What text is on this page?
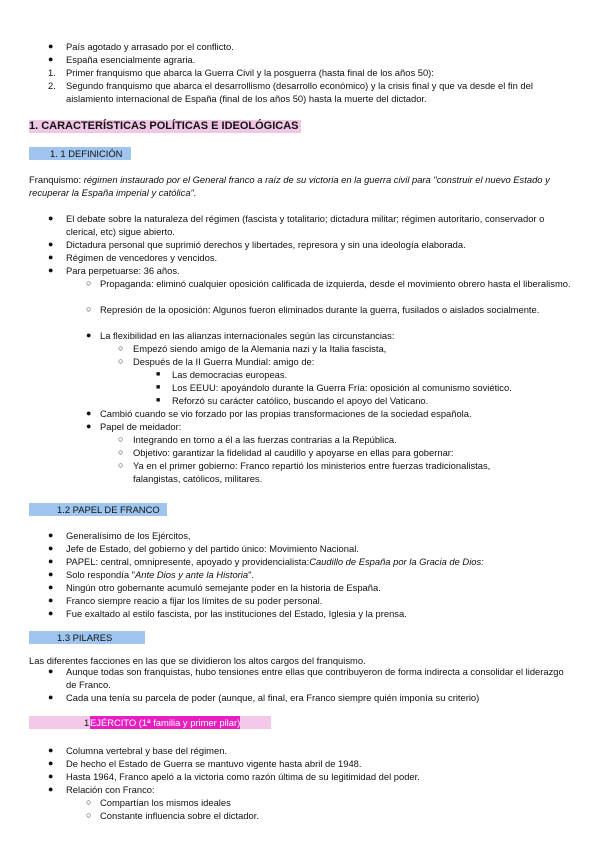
● País agotado y arrasado por el conflicto.
● España esencialmente agraria.
1. Primer franquismo que abarca la Guerra Civil y la posguerra (hasta final de los años 50):
2. Segundo franquismo que abarca el desarrollismo (desarrollo económico) y la crisis final y que va desde el fin del aislamiento internacional de España (final de los años 50) hasta la muerte del dictador.
1. CARACTERÍSTICAS POLÍTICAS E IDEOLÓGICAS
1. 1 DEFINICIÓN
Franquismo: régimen instaurado por el General franco a raíz de su victoria en la guerra civil para "construir el nuevo Estado y recuperar la España imperial y católica".
● El debate sobre la naturaleza del régimen (fascista y totalitario; dictadura militar; régimen autoritario, conservador o clerical, etc) sigue abierto.
● Dictadura personal que suprimió derechos y libertades, represora y sin una ideología elaborada.
● Régimen de vencedores y vencidos.
● Para perpetuarse: 36 años.
○ Propaganda: eliminó cualquier oposición calificada de izquierda, desde el movimiento obrero hasta el liberalismo.
○ Represión de la oposición: Algunos fueron eliminados durante la guerra, fusilados o aislados socialmente.
● La flexibilidad en las alianzas internacionales según las circunstancias:
○ Empezó siendo amigo de la Alemania nazi y la Italia fascista,
○ Después de la II Guerra Mundial: amigo de:
■ Las democracias europeas.
■ Los EEUU: apoyándolo durante la Guerra Fría: oposición al comunismo soviético.
■ Reforzó su carácter católico, buscando el apoyo del Vaticano.
● Cambió cuando se vio forzado por las propias transformaciones de la sociedad española.
● Papel de meidador:
○ Integrando en torno a él a las fuerzas contrarias a la República.
○ Objetivo: garantizar la fidelidad al caudillo y apoyarse en ellas para gobernar:
○ Ya en el primer gobierno: Franco repartió los ministerios entre fuerzas tradicionalistas, falangistas, católicos, militares.
1.2 PAPEL DE FRANCO
● Generalísimo de los Ejércitos,
● Jefe de Estado, del gobierno y del partido único: Movimiento Nacional.
● PAPEL: central, omnipresente, apoyado y providencialista:Caudillo de España por la Gracia de Dios:
● Solo respondía "Ante Dios y ante la Historia".
● Ningún otro gobernante acumuló semejante poder en la historia de España.
● Franco siempre reacio a fijar los límites de su poder personal.
● Fue exaltado al estilo fascista, por las instituciones del Estado, Iglesia y la prensa.
1.3 PILARES
Las diferentes facciones en las que se dividieron los altos cargos del franquismo.
● Aunque todas son franquistas, hubo tensiones entre ellas que contribuyeron de forma indirecta a consolidar el liderazgo de Franco.
● Cada una tenía su parcela de poder (aunque, al final, era Franco siempre quién imponía su criterio)
1 EJÉRCITO (1ª familia y primer pilar)
● Columna vertebral y base del régimen.
● De hecho el Estado de Guerra se mantuvo vigente hasta abril de 1948.
● Hasta 1964, Franco apeló a la victoria como razón última de su legitimidad del poder.
● Relación con Franco:
○ Compartían los mismos ideales
○ Constante influencia sobre el dictador.
